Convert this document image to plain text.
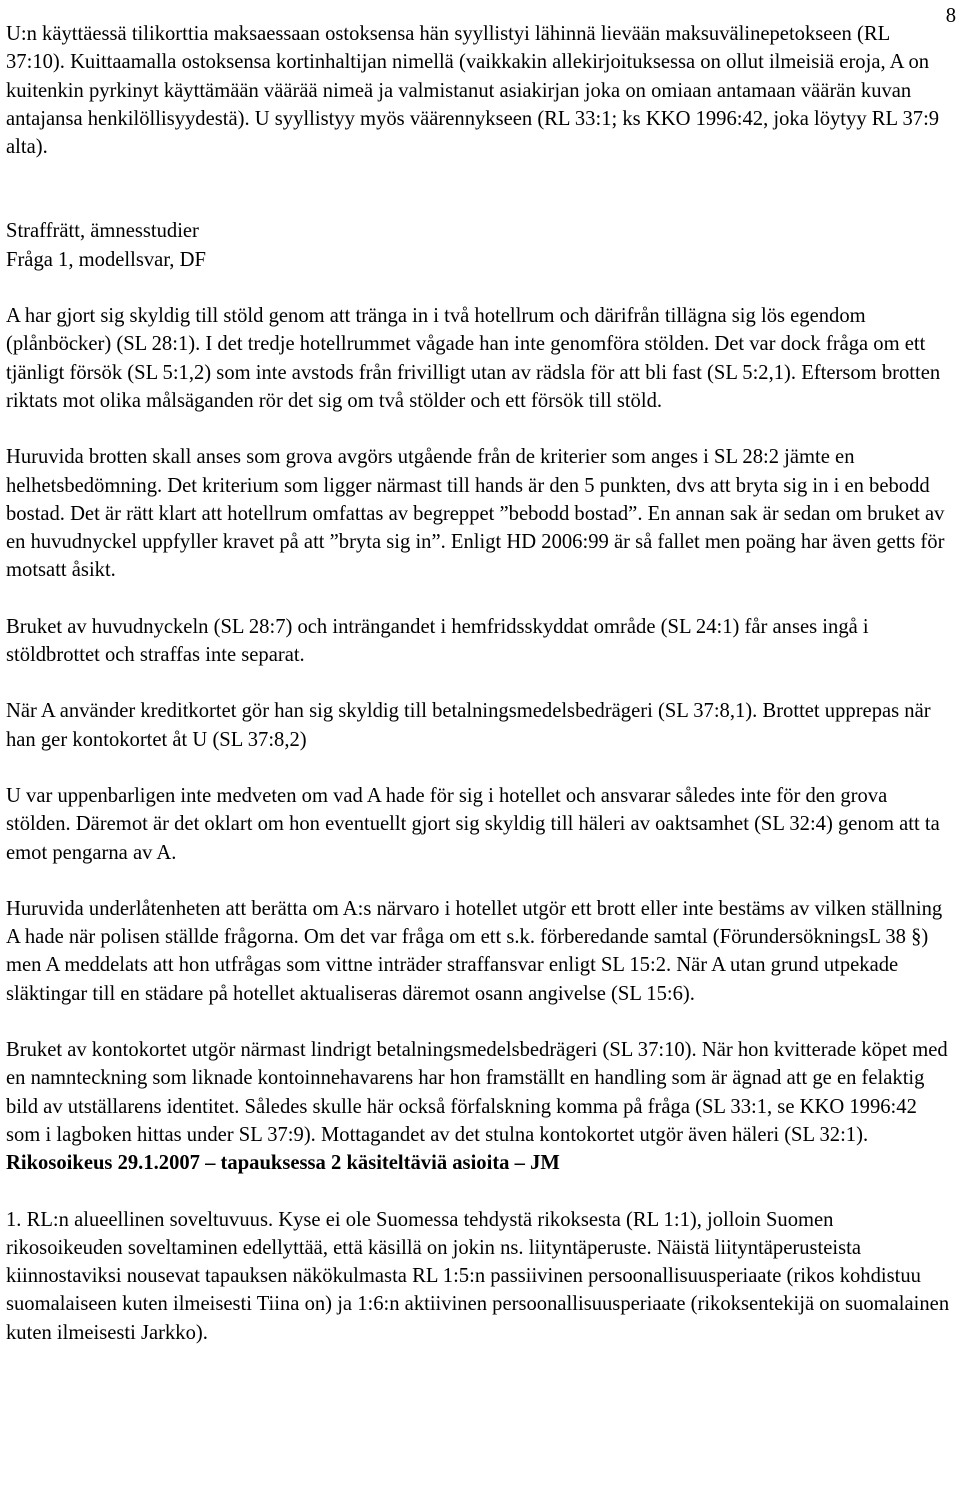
8

U:n käyttäessä tilikorttia maksaessaan ostoksensa hän syyllistyi lähinnä lievään maksuvälinepetokseen (RL 37:10). Kuittaamalla ostoksensa kortinhaltijan nimellä (vaikkakin allekirjoituksessa on ollut ilmeisiä eroja, A on kuitenkin pyrkinyt käyttämään väärää nimeä ja valmistanut asiakirjan joka on omiaan antamaan väärän kuvan antajansa henkilöllisyydestä). U syyllistyy myös väärennykseen (RL 33:1; ks KKO 1996:42, joka löytyy RL 37:9 alta).

Straffrätt, ämnesstudier

Fråga 1, modellsvar, DF

A har gjort sig skyldig till stöld genom att tränga in i två hotellrum och därifrån tillägna sig lös egendom (plånböcker) (SL 28:1). I det tredje hotellrummet vågade han inte genomföra stölden. Det var dock fråga om ett tjänligt försök (SL 5:1,2) som inte avstods från frivilligt utan av rädsla för att bli fast (SL 5:2,1). Eftersom brotten riktats mot olika målsäganden rör det sig om två stölder och ett försök till stöld.

Huruvida brotten skall anses som grova avgörs utgående från de kriterier som anges i SL 28:2 jämte en helhetsbedömning. Det kriterium som ligger närmast till hands är den 5 punkten, dvs att bryta sig in i en bebodd bostad. Det är rätt klart att hotellrum omfattas av begreppet ”bebodd bostad”. En annan sak är sedan om bruket av en huvudnyckel uppfyller kravet på att ”bryta sig in”. Enligt HD 2006:99 är så fallet men poäng har även getts för motsatt åsikt.

Bruket av huvudnyckeln (SL 28:7) och inträngandet i hemfridsskyddat område (SL 24:1) får anses ingå i stöldbrottet och straffas inte separat.

När A använder kreditkortet gör han sig skyldig till betalningsmedelsbedrägeri (SL 37:8,1). Brottet upprepas när han ger kontokortet åt U (SL 37:8,2)

U var uppenbarligen inte medveten om vad A hade för sig i hotellet och ansvarar således inte för den grova stölden. Däremot är det oklart om hon eventuellt gjort sig skyldig till häleri av oaktsamhet (SL 32:4) genom att ta emot pengarna av A.

Huruvida underlåtenheten att berätta om A:s närvaro i hotellet utgör ett brott eller inte bestäms av vilken ställning A hade när polisen ställde frågorna. Om det var fråga om ett s.k. förberedande samtal (FörundersökningsL 38 §) men A meddelats att hon utfrågas som vittne inträder straffansvar enligt SL 15:2. När A utan grund utpekade släktingar till en städare på hotellet aktualiseras däremot osann angivelse (SL 15:6).

Bruket av kontokortet utgör närmast lindrigt betalningsmedelsbedrägeri (SL 37:10). När hon kvitterade köpet med en namnteckning som liknade kontoinnehavarens har hon framställt en handling som är ägnad att ge en felaktig bild av utställarens identitet. Således skulle här också förfalskning komma på fråga (SL 33:1, se KKO 1996:42 som i lagboken hittas under SL 37:9). Mottagandet av det stulna kontokortet utgör även häleri (SL 32:1).

Rikosoikeus 29.1.2007 – tapauksessa 2 käsiteltäviä asioita – JM

1. RL:n alueellinen soveltuvuus. Kyse ei ole Suomessa tehdystä rikoksesta (RL 1:1), jolloin Suomen rikosoikeuden soveltaminen edellyttää, että käsillä on jokin ns. liityntäperuste. Näistä liityntäperusteista kiinnostaviksi nousevat tapauksen näkökulmasta RL 1:5:n passiivinen persoonallisuusperiaate (rikos kohdistuu suomalaiseen kuten ilmeisesti Tiina on) ja 1:6:n aktiivinen persoonallisuusperiaate (rikoksentekijä on suomalainen kuten ilmeisesti Jarkko).
